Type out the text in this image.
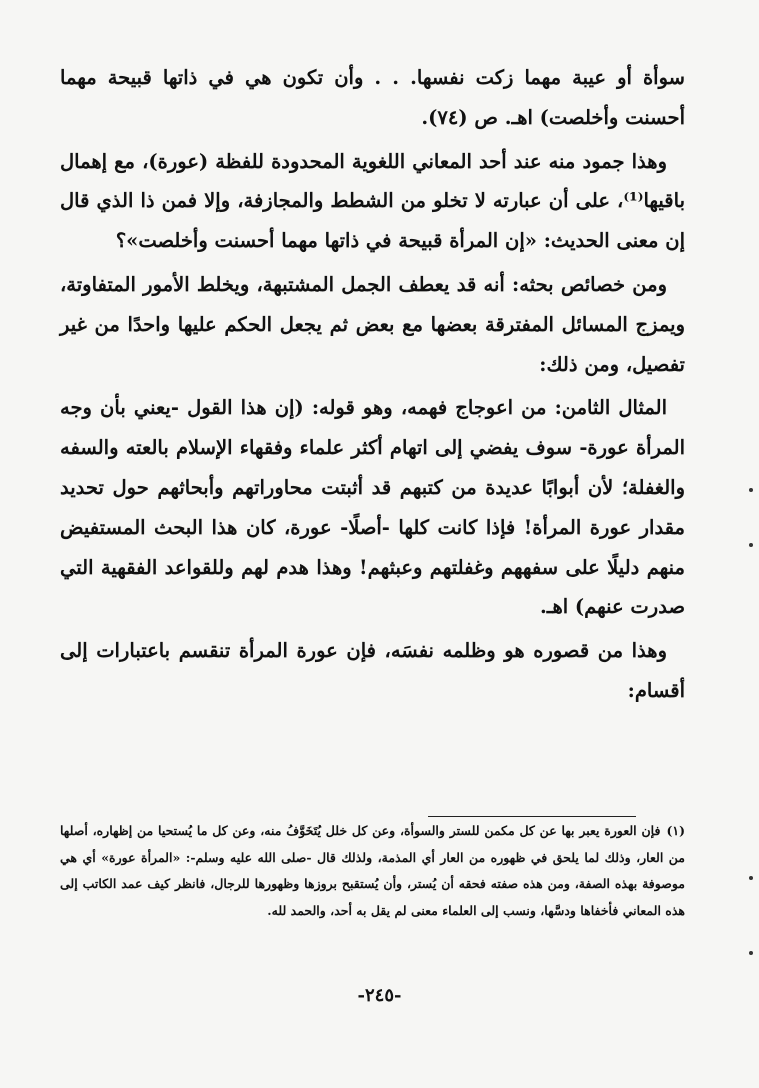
سوأة أو عيبة مهما زكت نفسها. . . وأن تكون هي في ذاتها قبيحة مهما أحسنت وأخلصت) اهـ. ص (٧٤).

وهذا جمود منه عند أحد المعاني اللغوية المحدودة للفظة (عورة)، مع إهمال باقيها⁽¹⁾، على أن عبارته لا تخلو من الشطط والمجازفة، وإلا فمن ذا الذي قال إن معنى الحديث: «إن المرأة قبيحة في ذاتها مهما أحسنت وأخلصت»؟

ومن خصائص بحثه: أنه قد يعطف الجمل المشتبهة، ويخلط الأمور المتفاوتة، ويمزج المسائل المفترقة بعضها مع بعض ثم يجعل الحكم عليها واحدًا من غير تفصيل، ومن ذلك:

المثال الثامن: من اعوجاج فهمه، وهو قوله: (إن هذا القول -يعني بأن وجه المرأة عورة- سوف يفضي إلى اتهام أكثر علماء وفقهاء الإسلام بالعته والسفه والغفلة؛ لأن أبوابًا عديدة من كتبهم قد أثبتت محاوراتهم وأبحاثهم حول تحديد مقدار عورة المرأة! فإذا كانت كلها -أصلًا- عورة، كان هذا البحث المستفيض منهم دليلًا على سفههم وغفلتهم وعبثهم! وهذا هدم لهم وللقواعد الفقهية التي صدرت عنهم) اهـ.

وهذا من قصوره هو وظلمه نفسَه، فإن عورة المرأة تنقسم باعتبارات إلى أقسام:

(١)فإن العورة يعبر بها عن كل مكمن للستر والسوأة، وعن كل خلل يُتَخَوَّفُ منه، وعن كل ما يُستحيا من إظهاره، أصلها من العار، وذلك لما يلحق في ظهوره من العار أي المذمة، ولذلك قال -صلى الله عليه وسلم-: «المرأة عورة» أي هي موصوفة بهذه الصفة، ومن هذه صفته فحقه أن يُستر، وأن يُستقبح بروزها وظهورها للرجال، فانظر كيف عمد الكاتب إلى هذه المعاني فأخفاها ودسَّها، ونسب إلى العلماء معنى لم يقل به أحد، والحمد لله.
-٢٤٥-
